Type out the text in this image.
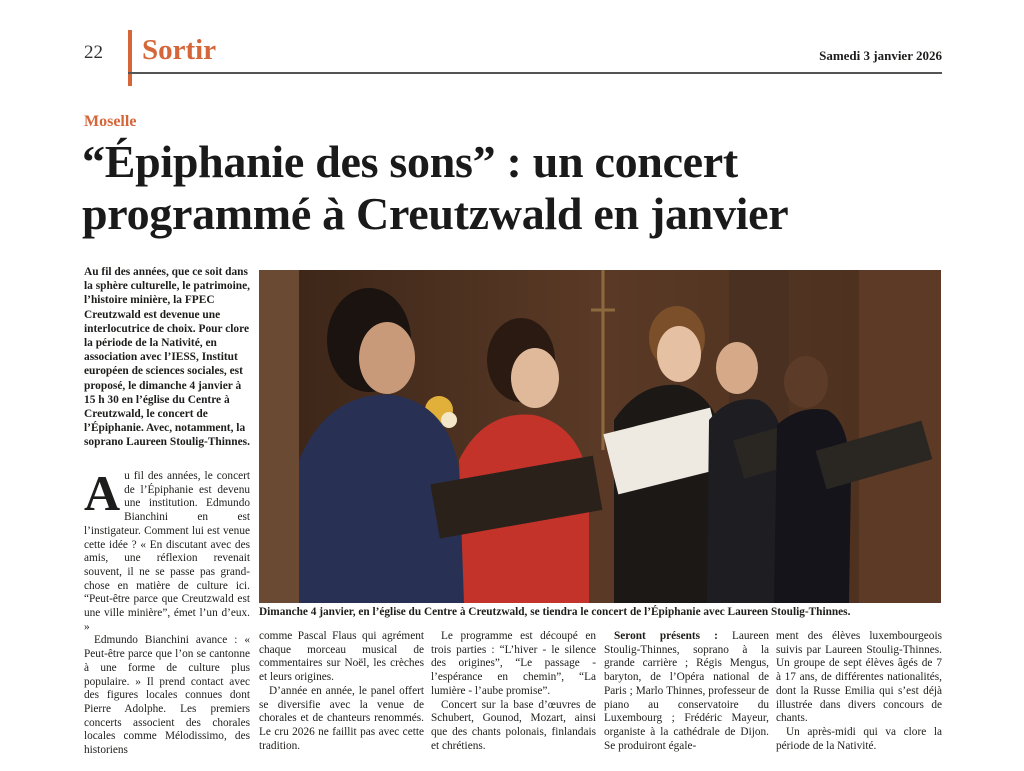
22 Sortir	Samedi 3 janvier 2026
Moselle
“Épiphanie des sons” : un concert programmé à Creutzwald en janvier
Au fil des années, que ce soit dans la sphère culturelle, le patrimoine, l’histoire minière, la FPEC Creutzwald est devenue une interlocutrice de choix. Pour clore la période de la Nativité, en association avec l’IESS, Institut européen de sciences sociales, est proposé, le dimanche 4 janvier à 15 h 30 en l’église du Centre à Creutzwald, le concert de l’Épiphanie. Avec, notamment, la soprano Laureen Stoulig-Thinnes.
Dimanche 4 janvier, en l’église du Centre à Creutzwald, se tiendra le concert de l’Épiphanie avec Laureen Stoulig-Thinnes.

Au fil des années, le concert de l’Épiphanie est devenu une institution. Edmundo Bianchini en est l’instigateur. Comment lui est venue cette idée ? « En discutant avec des amis, une réflexion revenait souvent, il ne se passe pas grand-chose en matière de culture ici. “Peut-être parce que Creutzwald est une ville minière”, émet l’un d’eux. »

Edmundo Bianchini avance : « Peut-être parce que l’on se cantonne à une forme de culture plus populaire. » Il prend contact avec des figures locales connues dont Pierre Adolphe. Les premiers concerts associent des chorales locales comme Mélodissimo, des historiens

comme Pascal Flaus qui agrément chaque morceau musical de commentaires sur Noël, les crèches et leurs origines.

D’année en année, le panel offert se diversifie avec la venue de chorales et de chanteurs renommés. Le cru 2026 ne faillit pas avec cette tradition.

Le programme est découpé en trois parties : “L’hiver - le silence des origines”, “Le passage - l’espérance en chemin”, “La lumière - l’aube promise”.

Concert sur la base d’œuvres de Schubert, Gounod, Mozart, ainsi que des chants polonais, finlandais et chrétiens.

Seront présents : Laureen Stoulig-Thinnes, soprano à la grande carrière ; Régis Mengus, baryton, de l’Opéra national de Paris ; Marlo Thinnes, professeur de piano au conservatoire du Luxembourg ; Frédéric Mayeur, organiste à la cathédrale de Dijon. Se produiront égale-

ment des élèves luxembourgeois suivis par Laureen Stoulig-Thinnes. Un groupe de sept élèves âgés de 7 à 17 ans, de différentes nationalités, dont la Russe Emilia qui s’est déjà illustrée dans divers concours de chants.

Un après-midi qui va clore la période de la Nativité.
